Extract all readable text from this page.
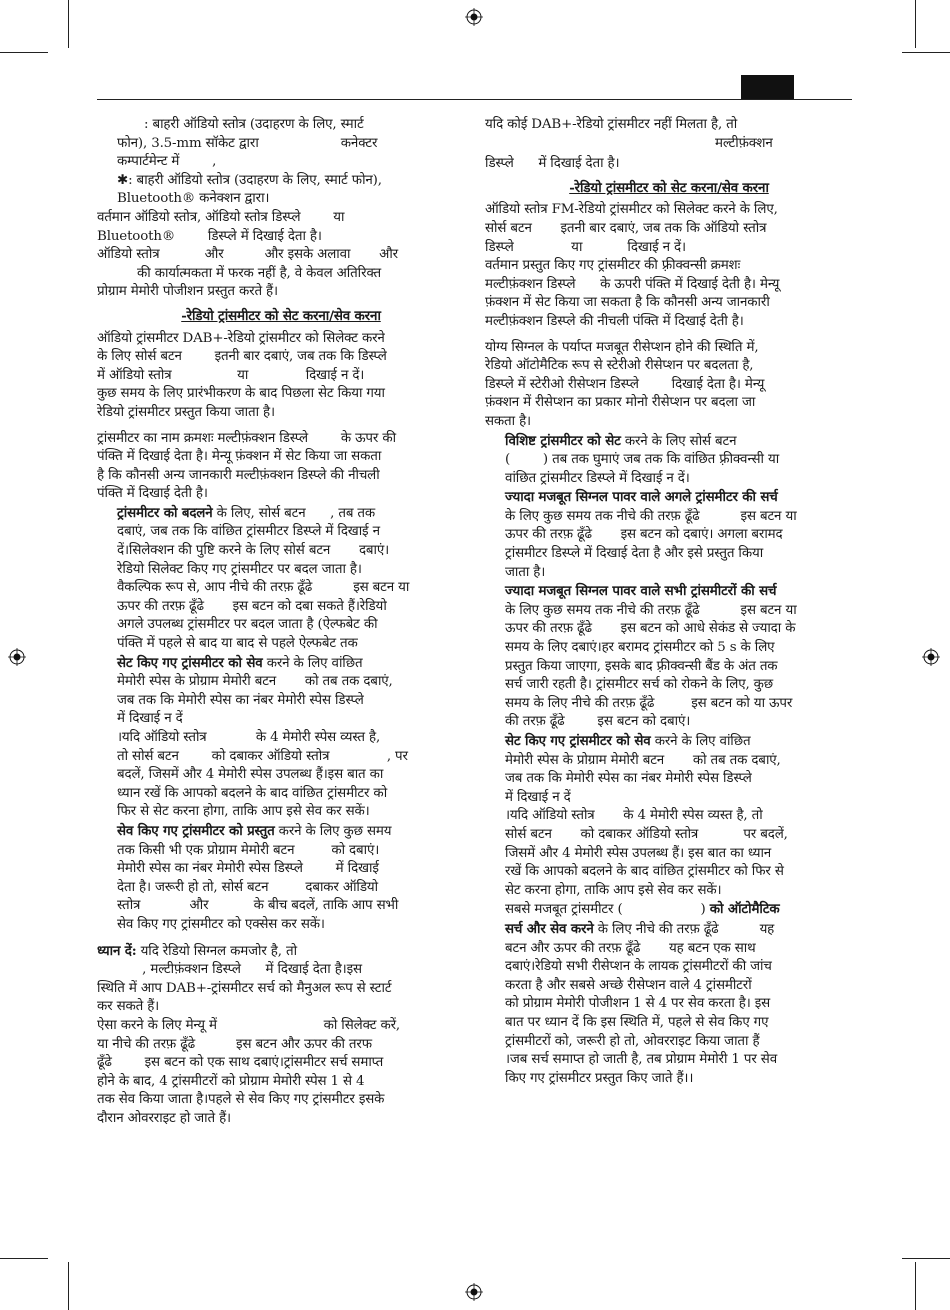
: बाहरी ऑडियो स्तोत्र (उदाहरण के लिए, स्मार्ट

फोन), 3.5-mm सॉकेट द्वारा                    कनेक्टर

कम्पार्टमेन्ट में        ,

✱: बाहरी ऑडियो स्तोत्र (उदाहरण के लिए, स्मार्ट फोन),

Bluetooth® कनेक्शन द्वारा।

वर्तमान ऑडियो स्तोत्र, ऑडियो स्तोत्र डिस्प्ले        या

Bluetooth®        डिस्प्ले में दिखाई देता है।

ऑडियो स्तोत्र           और          और इसके अलावा       और

की कार्यात्मकता में फरक नहीं है, वे केवल अतिरिक्त

प्रोग्राम मेमोरी पोजीशन प्रस्तुत करते हैं।

-रेडियो ट्रांसमीटर को सेट करना/सेव करना

ऑडियो ट्रांसमीटर DAB+-रेडियो ट्रांसमीटर को सिलेक्ट करने

के लिए सोर्स बटन        इतनी बार दबाएं, जब तक कि डिस्प्ले

में ऑडियो स्तोत्र                या              दिखाई न दें।

कुछ समय के लिए प्रारंभीकरण के बाद पिछला सेट किया गया

रेडियो ट्रांसमीटर प्रस्तुत किया जाता है।

ट्रांसमीटर का नाम क्रमशः मल्टीफ़ंक्शन डिस्प्ले        के ऊपर की

पंक्ति में दिखाई देता है। मेन्यू फ़ंक्शन में सेट किया जा सकता

है कि कौनसी अन्य जानकारी मल्टीफ़ंक्शन डिस्प्ले की नीचली

पंक्ति में दिखाई देती है।

ट्रांसमीटर को बदलने के लिए, सोर्स बटन      , तब तक

दबाएं, जब तक कि वांछित ट्रांसमीटर डिस्प्ले में दिखाई न

दें।सिलेक्शन की पुष्टि करने के लिए सोर्स बटन       दबाएं।

रेडियो सिलेक्ट किए गए ट्रांसमीटर पर बदल जाता है।

वैकल्पिक रूप से, आप नीचे की तरफ़ ढूँढे          इस बटन या

ऊपर की तरफ़ ढूँढे       इस बटन को दबा सकते हैं।रेडियो

अगले उपलब्ध ट्रांसमीटर पर बदल जाता है (ऐल्फबेट की

पंक्ति में पहले से बाद या बाद से पहले ऐल्फबेट तक

सेट किए गए ट्रांसमीटर को सेव करने के लिए वांछित

मेमोरी स्पेस के प्रोग्राम मेमोरी बटन       को तब तक दबाएं,

जब तक कि मेमोरी स्पेस का नंबर मेमोरी स्पेस डिस्प्ले

में दिखाई न दें

।यदि ऑडियो स्तोत्र            के 4 मेमोरी स्पेस व्यस्त है,

तो सोर्स बटन        को दबाकर ऑडियो स्तोत्र              , पर

बदलें, जिसमें और 4 मेमोरी स्पेस उपलब्ध हैं।इस बात का

ध्यान रखें कि आपको बदलने के बाद वांछित ट्रांसमीटर को

फिर से सेट करना होगा, ताकि आप इसे सेव कर सकें।

सेव किए गए ट्रांसमीटर को प्रस्तुत करने के लिए कुछ समय

तक किसी भी एक प्रोग्राम मेमोरी बटन         को दबाएं।

मेमोरी स्पेस का नंबर मेमोरी स्पेस डिस्प्ले        में दिखाई

देता है। जरूरी हो तो, सोर्स बटन         दबाकर ऑडियो

स्तोत्र            और           के बीच बदलें, ताकि आप सभी

सेव किए गए ट्रांसमीटर को एक्सेस कर सकें।

ध्यान दें: यदि रेडियो सिग्नल कमजोर है, तो

, मल्टीफ़ंक्शन डिस्प्ले      में दिखाई देता है।इस

स्थिति में आप DAB+-ट्रांसमीटर सर्च को मैनुअल रूप से स्टार्ट

कर सकते हैं।

ऐसा करने के लिए मेन्यू में                          को सिलेक्ट करें,

या नीचे की तरफ़ ढूँढे          इस बटन और ऊपर की तरफ

ढूँढे        इस बटन को एक साथ दबाएं।ट्रांसमीटर सर्च समाप्त

होने के बाद, 4 ट्रांसमीटरों को प्रोग्राम मेमोरी स्पेस 1 से 4

तक सेव किया जाता है।पहले से सेव किए गए ट्रांसमीटर इसके

दौरान ओवरराइट हो जाते हैं।

यदि कोई DAB+-रेडियो ट्रांसमीटर नहीं मिलता है, तो

मल्टीफ़ंक्शन

डिस्प्ले      में दिखाई देता है।

-रेडियो ट्रांसमीटर को सेट करना/सेव करना

ऑडियो स्तोत्र FM-रेडियो ट्रांसमीटर को सिलेक्ट करने के लिए,

सोर्स बटन       इतनी बार दबाएं, जब तक कि ऑडियो स्तोत्र

डिस्प्ले              या           दिखाई न दें।

वर्तमान प्रस्तुत किए गए ट्रांसमीटर की फ़्रीक्वन्सी क्रमशः

मल्टीफ़ंक्शन डिस्प्ले      के ऊपरी पंक्ति में दिखाई देती है। मेन्यू

फ़ंक्शन में सेट किया जा सकता है कि कौनसी अन्य जानकारी

मल्टीफ़ंक्शन डिस्प्ले की नीचली पंक्ति में दिखाई देती है।

योग्य सिग्नल के पर्याप्त मजबूत रीसेप्शन होने की स्थिति में,

रेडियो ऑटोमैटिक रूप से स्टेरीओ रीसेप्शन पर बदलता है,

डिस्प्ले में स्टेरीओ रीसेप्शन डिस्प्ले        दिखाई देता है। मेन्यू

फ़ंक्शन में रीसेप्शन का प्रकार मोनो रीसेप्शन पर बदला जा

सकता है।

विशिष्ट ट्रांसमीटर को सेट करने के लिए सोर्स बटन

(        ) तब तक घुमाएं जब तक कि वांछित फ़्रीक्वन्सी या

वांछित ट्रांसमीटर डिस्प्ले में दिखाई न दें।

ज्यादा मजबूत सिग्नल पावर वाले अगले ट्रांसमीटर की सर्च

के लिए कुछ समय तक नीचे की तरफ़ ढूँढे          इस बटन या

ऊपर की तरफ़ ढूँढे       इस बटन को दबाएं। अगला बरामद

ट्रांसमीटर डिस्प्ले में दिखाई देता है और इसे प्रस्तुत किया

जाता है।

ज्यादा मजबूत सिग्नल पावर वाले सभी ट्रांसमीटरों की सर्च

के लिए कुछ समय तक नीचे की तरफ़ ढूँढे          इस बटन या

ऊपर की तरफ़ ढूँढे       इस बटन को आधे सेकंड से ज्यादा के

समय के लिए दबाएं।हर बरामद ट्रांसमीटर को 5 s के लिए

प्रस्तुत किया जाएगा, इसके बाद फ़्रीक्वन्सी बैंड के अंत तक

सर्च जारी रहती है। ट्रांसमीटर सर्च को रोकने के लिए, कुछ

समय के लिए नीचे की तरफ़ ढूँढे         इस बटन को या ऊपर

की तरफ़ ढूँढे        इस बटन को दबाएं।

सेट किए गए ट्रांसमीटर को सेव करने के लिए वांछित

मेमोरी स्पेस के प्रोग्राम मेमोरी बटन       को तब तक दबाएं,

जब तक कि मेमोरी स्पेस का नंबर मेमोरी स्पेस डिस्प्ले

में दिखाई न दें

।यदि ऑडियो स्तोत्र       के 4 मेमोरी स्पेस व्यस्त है, तो

सोर्स बटन       को दबाकर ऑडियो स्तोत्र           पर बदलें,

जिसमें और 4 मेमोरी स्पेस उपलब्ध हैं। इस बात का ध्यान

रखें कि आपको बदलने के बाद वांछित ट्रांसमीटर को फिर से

सेट करना होगा, ताकि आप इसे सेव कर सकें।

सबसे मजबूत ट्रांसमीटर (                   ) को ऑटोमैटिक

सर्च और सेव करने के लिए नीचे की तरफ़ ढूँढे          यह

बटन और ऊपर की तरफ़ ढूँढे       यह बटन एक साथ

दबाएं।रेडियो सभी रीसेप्शन के लायक ट्रांसमीटरों की जांच

करता है और सबसे अच्छे रीसेप्शन वाले 4 ट्रांसमीटरों

को प्रोग्राम मेमोरी पोजीशन 1 से 4 पर सेव करता है। इस

बात पर ध्यान दें कि इस स्थिति में, पहले से सेव किए गए

ट्रांसमीटरों को, जरूरी हो तो, ओवरराइट किया जाता हैं

।जब सर्च समाप्त हो जाती है, तब प्रोग्राम मेमोरी 1 पर सेव

किए गए ट्रांसमीटर प्रस्तुत किए जाते हैं।।
